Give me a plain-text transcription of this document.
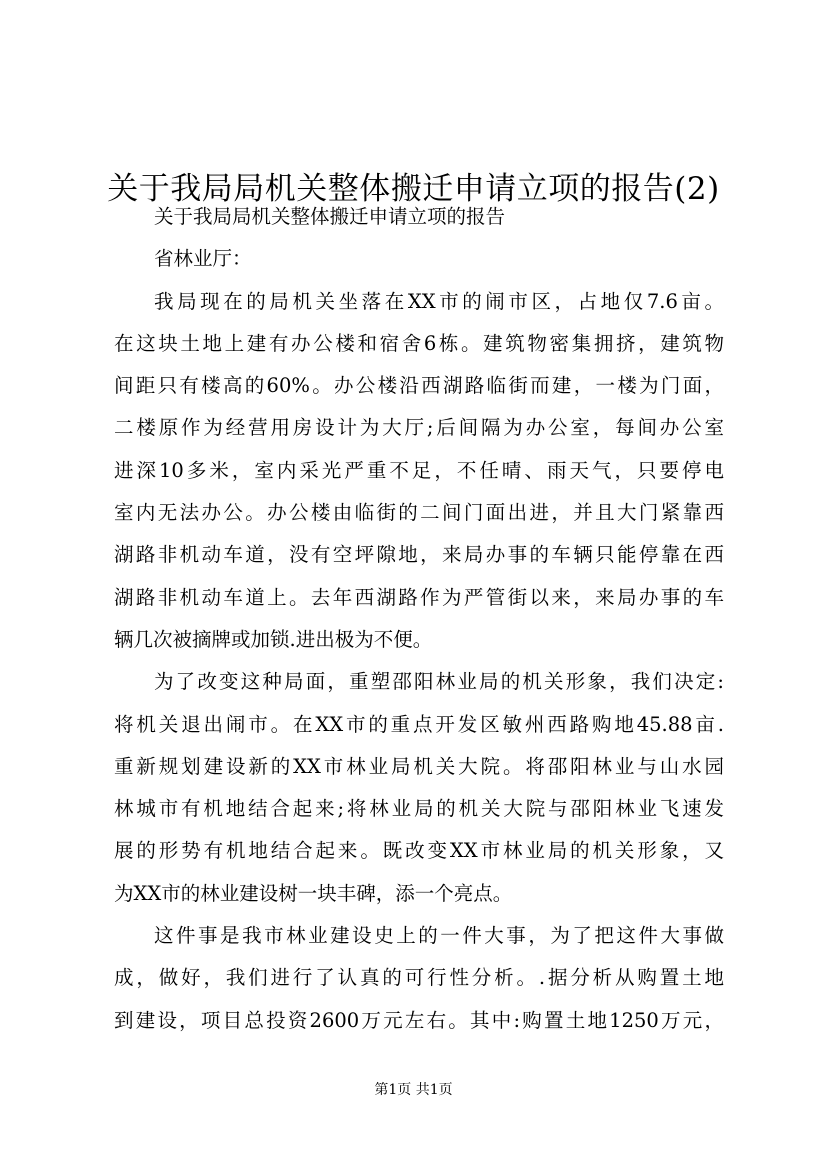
关于我局局机关整体搬迁申请立项的报告(2)
关于我局局机关整体搬迁申请立项的报告
省林业厅：
我局现在的局机关坐落在XX市的闹市区，占地仅7.6亩。
在这块土地上建有办公楼和宿舍6栋。建筑物密集拥挤，建筑物
间距只有楼高的60%。办公楼沿西湖路临街而建，一楼为门面，
二楼原作为经营用房设计为大厅;后间隔为办公室，每间办公室
进深10多米，室内采光严重不足，不任晴、雨天气，只要停电
室内无法办公。办公楼由临街的二间门面出进，并且大门紧靠西
湖路非机动车道，没有空坪隙地，来局办事的车辆只能停靠在西
湖路非机动车道上。去年西湖路作为严管街以来，来局办事的车
辆几次被摘牌或加锁.进出极为不便。
为了改变这种局面，重塑邵阳林业局的机关形象，我们决定:
将机关退出闹市。在XX市的重点开发区敏州西路购地45.88亩.
重新规划建设新的XX市林业局机关大院。将邵阳林业与山水园
林城市有机地结合起来;将林业局的机关大院与邵阳林业飞速发
展的形势有机地结合起来。既改变XX市林业局的机关形象，又
为XX市的林业建设树一块丰碑，添一个亮点。
这件事是我市林业建设史上的一件大事，为了把这件大事做
成，做好，我们进行了认真的可行性分析。.据分析从购置土地
到建设，项目总投资2600万元左右。其中:购置土地1250万元，
第1页 共1页
